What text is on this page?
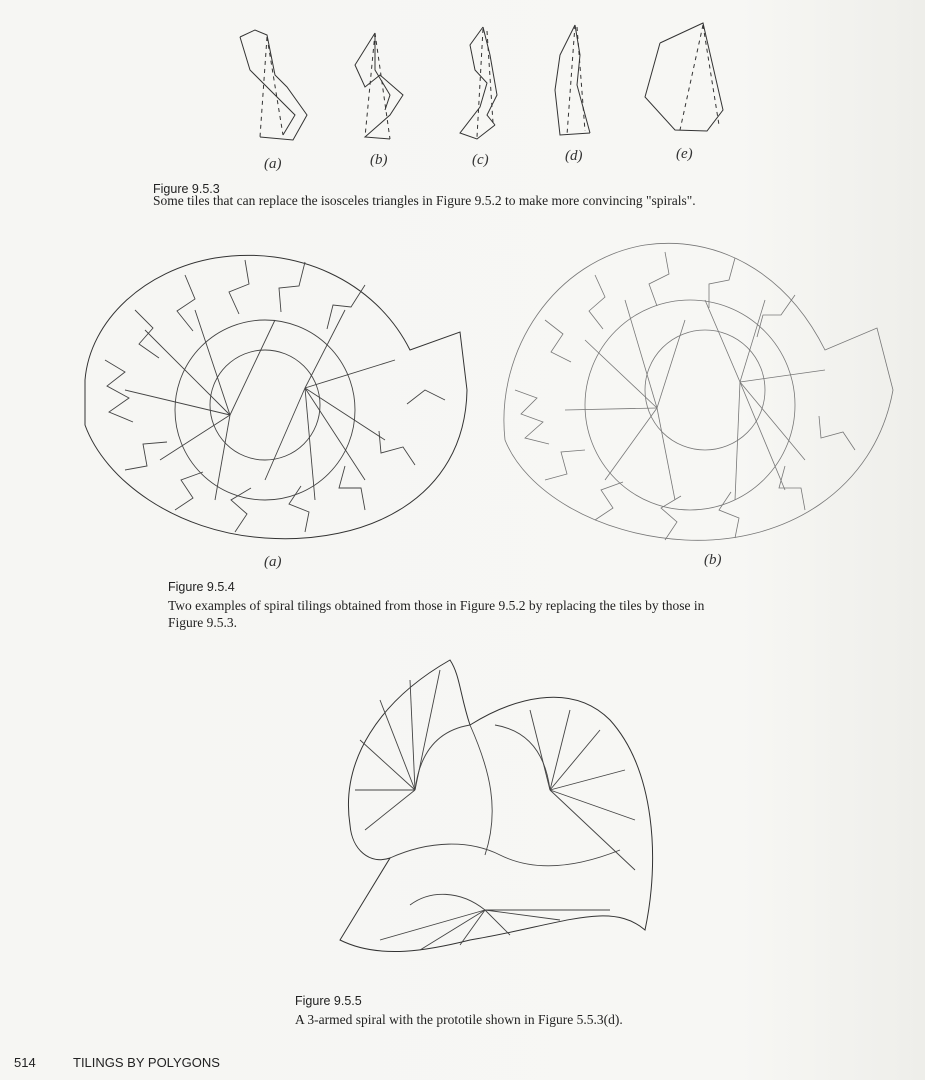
(a)	(b)	(c)	(d)	(e)
Figure 9.5.3
Some tiles that can replace the isosceles triangles in Figure 9.5.2 to make more convincing "spirals".
(a)	(b)
Figure 9.5.4
Two examples of spiral tilings obtained from those in Figure 9.5.2 by replacing the tiles by those in
Figure 9.5.3.
Figure 9.5.5
A 3-armed spiral with the prototile shown in Figure 5.5.3(d).
514	TILINGS BY POLYGONS
